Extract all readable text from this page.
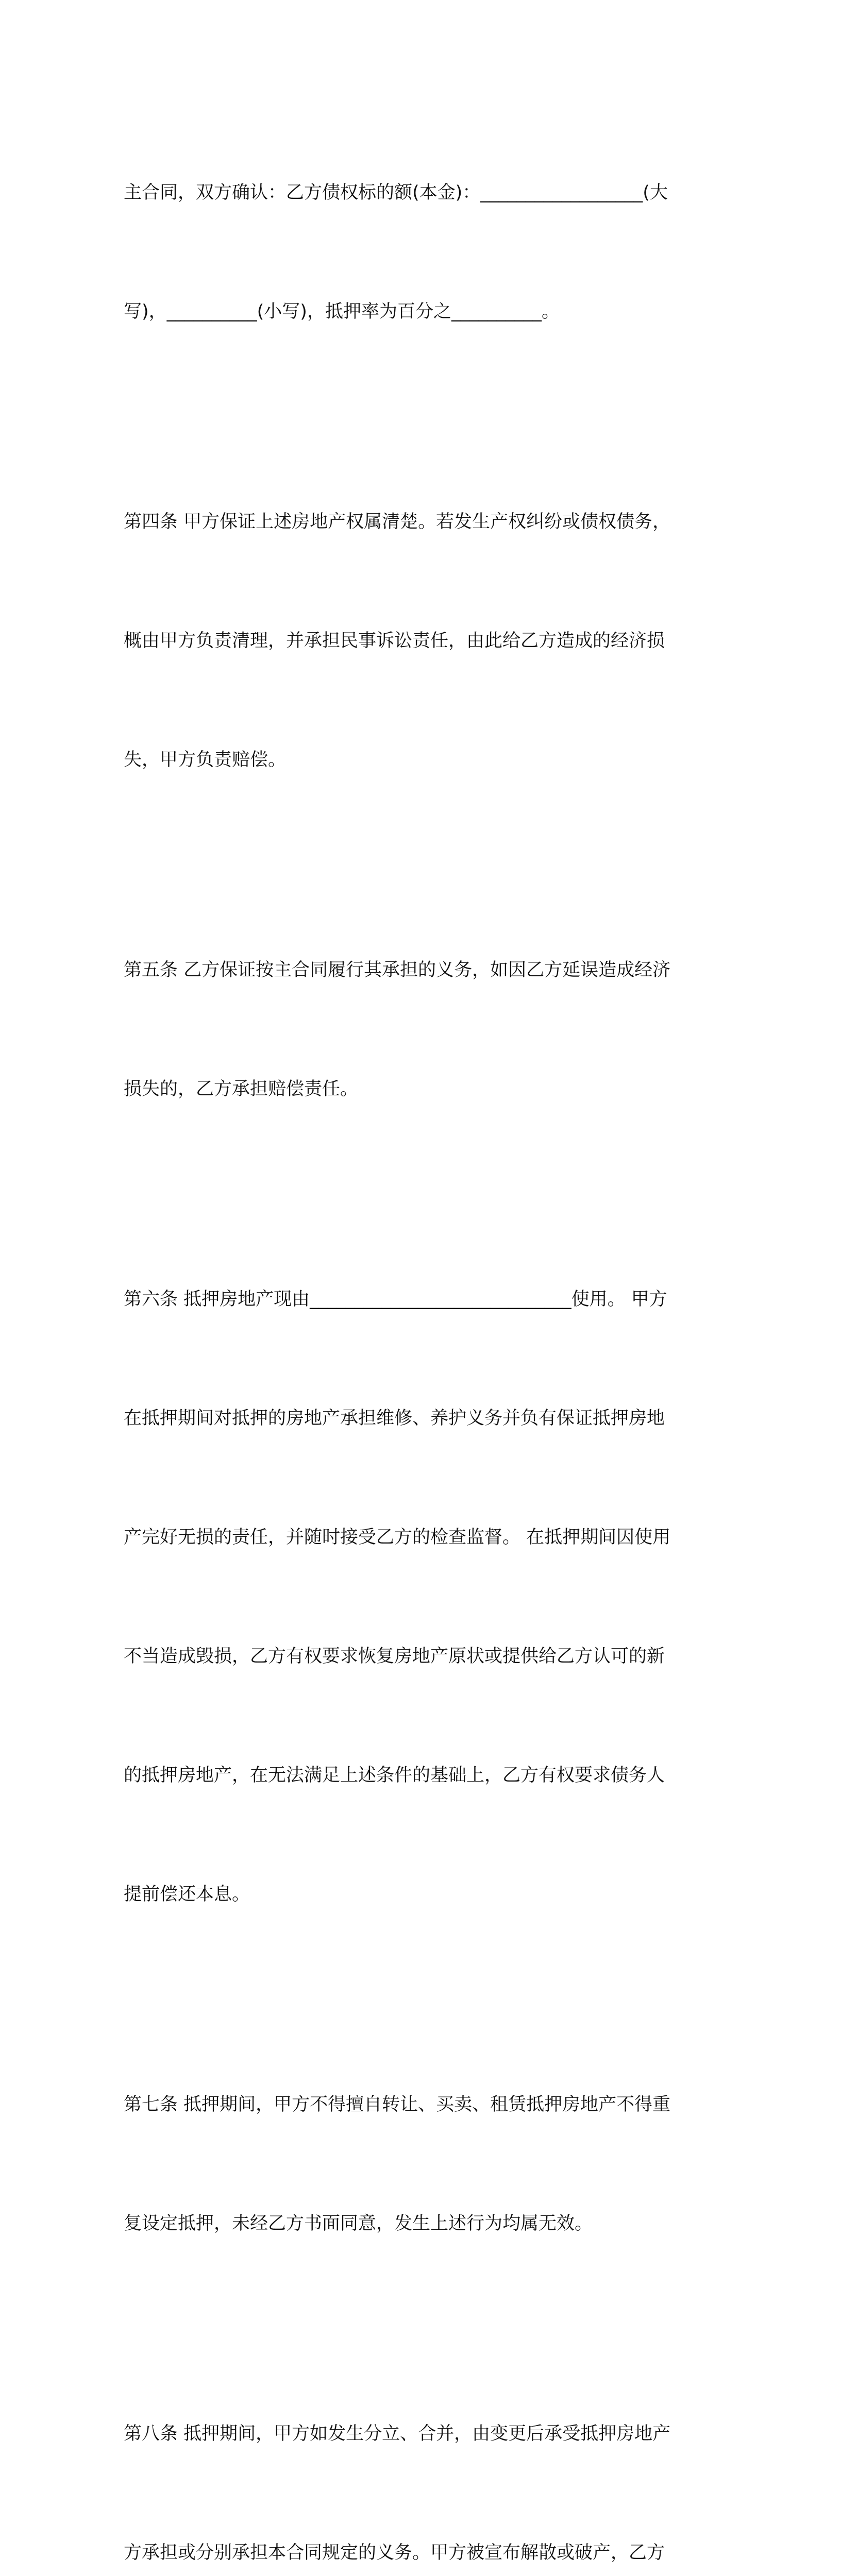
主合同，双方确认：乙方债权标的额(本金)：__________________(大

写)，__________(小写)，抵押率为百分之__________。

第四条 甲方保证上述房地产权属清楚。若发生产权纠纷或债权债务，

概由甲方负责清理，并承担民事诉讼责任，由此给乙方造成的经济损

失，甲方负责赔偿。

第五条 乙方保证按主合同履行其承担的义务，如因乙方延误造成经济

损失的，乙方承担赔偿责任。

第六条 抵押房地产现由_____________________________使用。 甲方

在抵押期间对抵押的房地产承担维修、养护义务并负有保证抵押房地

产完好无损的责任，并随时接受乙方的检查监督。 在抵押期间因使用

不当造成毁损，乙方有权要求恢复房地产原状或提供给乙方认可的新

的抵押房地产，在无法满足上述条件的基础上，乙方有权要求债务人

提前偿还本息。

第七条 抵押期间，甲方不得擅自转让、买卖、租赁抵押房地产不得重

复设定抵押，未经乙方书面同意，发生上述行为均属无效。

第八条 抵押期间，甲方如发生分立、合并，由变更后承受抵押房地产

方承担或分别承担本合同规定的义务。甲方被宣布解散或破产，乙方
